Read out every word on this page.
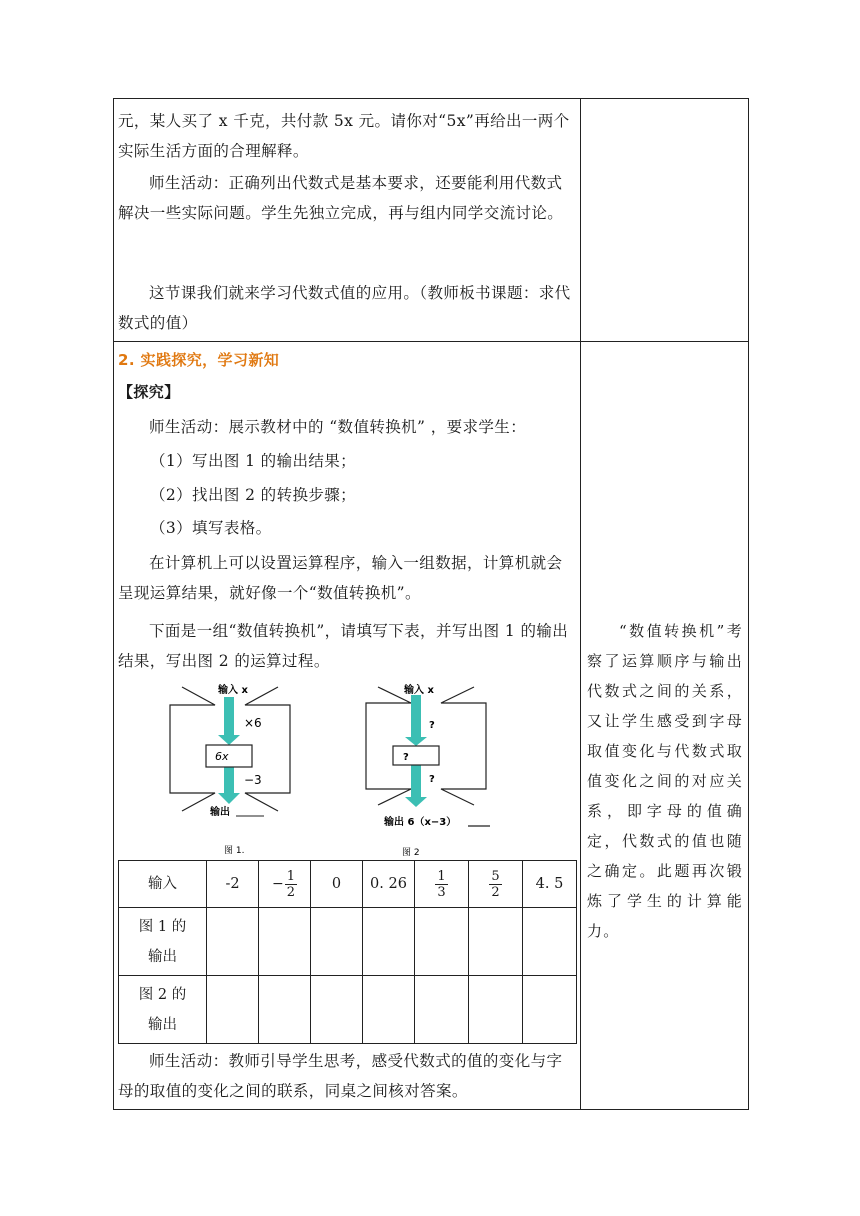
元，某人买了 x 千克，共付款 5x 元。请你对“5x”再给出一两个实际生活方面的合理解释。

师生活动：正确列出代数式是基本要求，还要能利用代数式解决一些实际问题。学生先独立完成，再与组内同学交流讨论。

这节课我们就来学习代数式值的应用。（教师板书课题：求代数式的值）

2. 实践探究，学习新知
【探究】

师生活动：展示教材中的 “数值转换机” ，要求学生：

（1）写出图 1 的输出结果；
（2）找出图 2 的转换步骤；
（3）填写表格。

在计算机上可以设置运算程序，输入一组数据，计算机就会呈现运算结果，就好像一个“数值转换机”。

下面是一组“数值转换机”，请填写下表，并写出图 1 的输出结果，写出图 2 的运算过程。

6x
输入 x
×6
−3
输出
图 1.
?
输入 x
?
?
输出 6（x−3）
图 2
输入	-2	− $\frac{1}{2}$	0	0. 26	$\frac{1}{3}$	$\frac{5}{2}$	4. 5
图 1 的
输出							
图 2 的
输出							

师生活动：教师引导学生思考，感受代数式的值的变化与字母的取值的变化之间的联系，同桌之间核对答案。

“数值转换机”考察了运算顺序与输出代数式之间的关系，又让学生感受到字母取值变化与代数式取值变化之间的对应关系，即字母的值确定，代数式的值也随之确定。此题再次锻炼了学生的计算能力。
